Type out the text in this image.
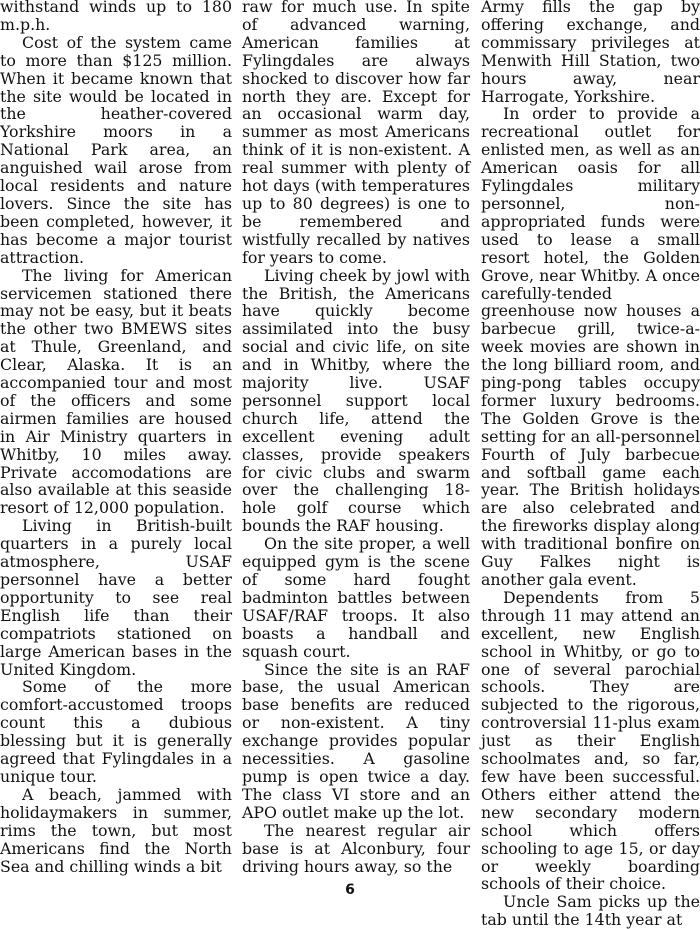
withstand winds up to 180 m.p.h.

Cost of the system came to more than $125 million. When it became known that the site would be located in the heather-covered Yorkshire moors in a National Park area, an anguished wail arose from local residents and nature lovers. Since the site has been completed, however, it has become a major tourist attraction.

The living for American servicemen stationed there may not be easy, but it beats the other two BMEWS sites at Thule, Greenland, and Clear, Alaska. It is an accompanied tour and most of the officers and some airmen families are housed in Air Ministry quarters in Whitby, 10 miles away. Private accomodations are also available at this seaside resort of 12,000 population.

Living in British-built quarters in a purely local atmosphere, USAF personnel have a better opportunity to see real English life than their compatriots stationed on large American bases in the United Kingdom.

Some of the more comfort-accustomed troops count this a dubious blessing but it is generally agreed that Fylingdales in a unique tour.

A beach, jammed with holidaymakers in summer, rims the town, but most Americans find the North Sea and chilling winds a bit

raw for much use. In spite of advanced warning, American families at Fylingdales are always shocked to discover how far north they are. Except for an occasional warm day, summer as most Americans think of it is non-existent. A real summer with plenty of hot days (with temperatures up to 80 degrees) is one to be remembered and wistfully recalled by natives for years to come.

Living cheek by jowl with the British, the Americans have quickly become assimilated into the busy social and civic life, on site and in Whitby, where the majority live. USAF personnel support local church life, attend the excellent evening adult classes, provide speakers for civic clubs and swarm over the challenging 18-hole golf course which bounds the RAF housing.

On the site proper, a well equipped gym is the scene of some hard fought badminton battles between USAF/RAF troops. It also boasts a handball and squash court.

Since the site is an RAF base, the usual American base benefits are reduced or non-existent. A tiny exchange provides popular necessities. A gasoline pump is open twice a day. The class VI store and an APO outlet make up the lot.

The nearest regular air base is at Alconbury, four driving hours away, so the

Army fills the gap by offering exchange, and commissary privileges at Menwith Hill Station, two hours away, near Harrogate, Yorkshire.

In order to provide a recreational outlet for enlisted men, as well as an American oasis for all Fylingdales military personnel, non-appropriated funds were used to lease a small resort hotel, the Golden Grove, near Whitby. A once carefully-tended greenhouse now houses a barbecue grill, twice-a-week movies are shown in the long billiard room, and ping-pong tables occupy former luxury bedrooms. The Golden Grove is the setting for an all-personnel Fourth of July barbecue and softball game each year. The British holidays are also celebrated and the fireworks display along with traditional bonfire on Guy Falkes night is another gala event.

Dependents from 5 through 11 may attend an excellent, new English school in Whitby, or go to one of several parochial schools. They are subjected to the rigorous, controversial 11-plus exam just as their English schoolmates and, so far, few have been successful. Others either attend the new secondary modern school which offers schooling to age 15, or day or weekly boarding schools of their choice.

Uncle Sam picks up the tab until the 14th year at

6
